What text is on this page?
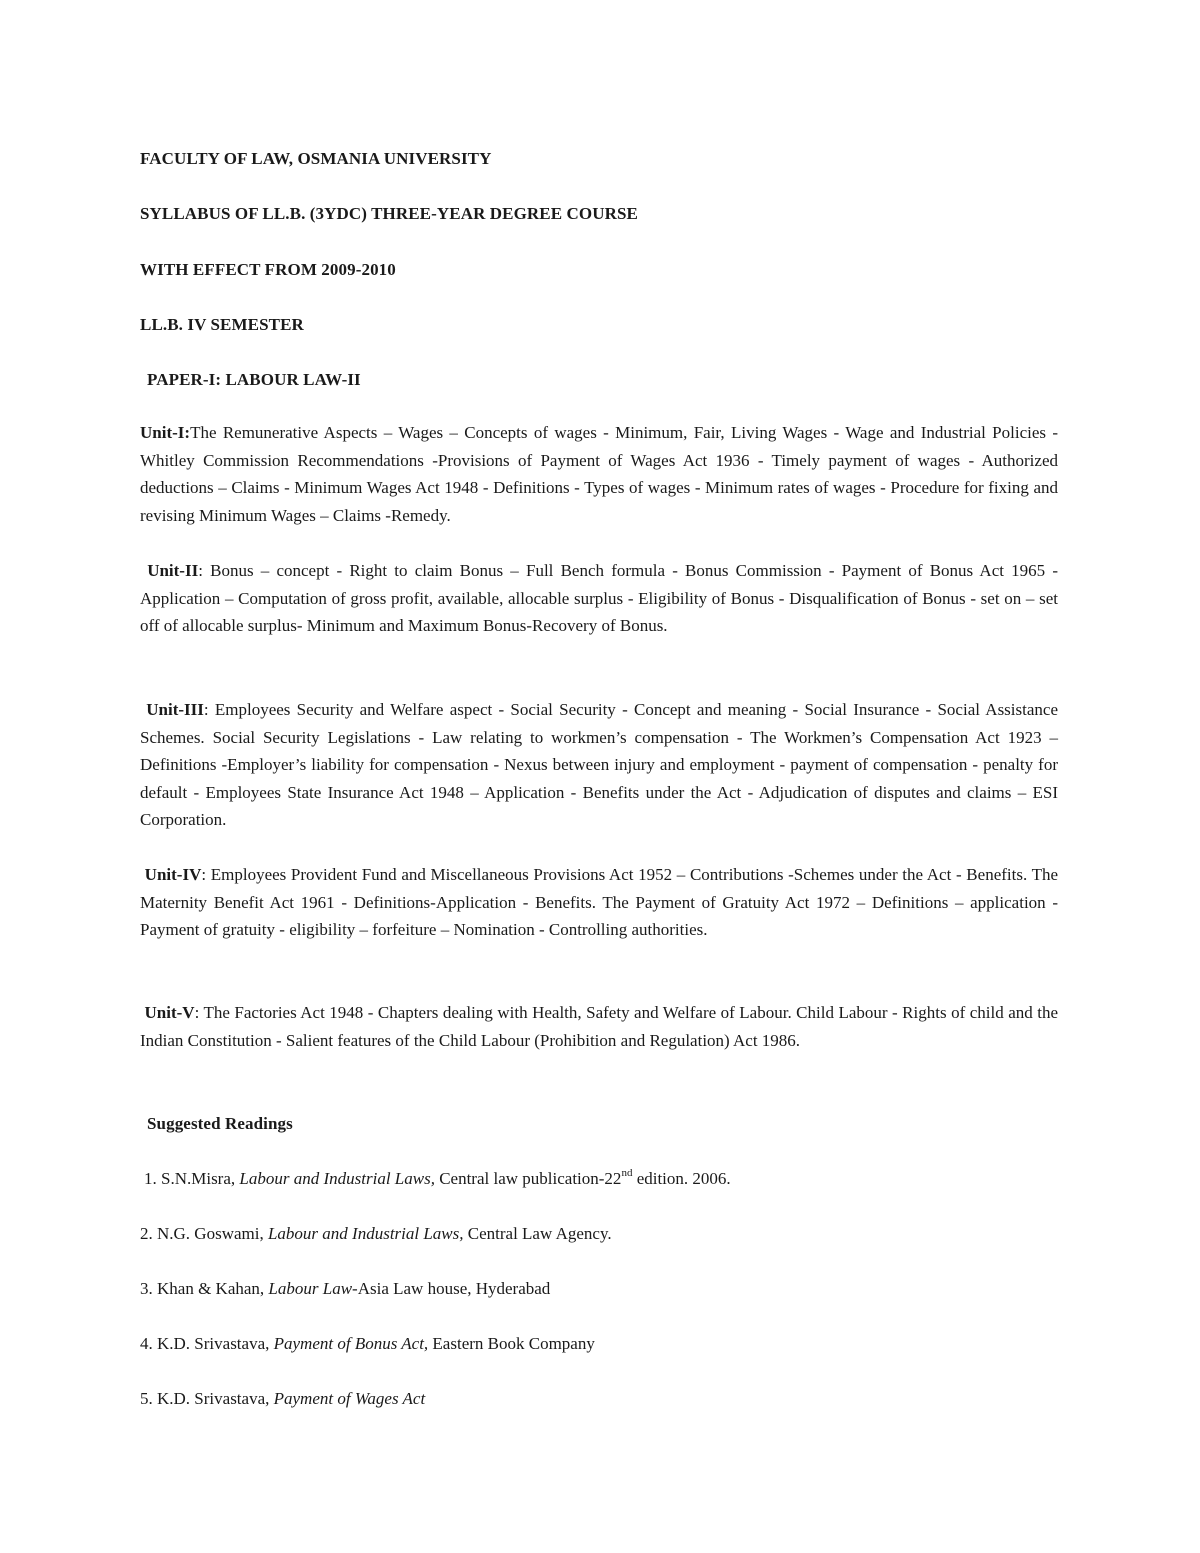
FACULTY OF LAW, OSMANIA UNIVERSITY
SYLLABUS OF LL.B. (3YDC) THREE-YEAR DEGREE COURSE
WITH EFFECT FROM 2009-2010
LL.B. IV SEMESTER
PAPER-I: LABOUR LAW-II

Unit-I:The Remunerative Aspects – Wages – Concepts of wages - Minimum, Fair, Living Wages - Wage and Industrial Policies - Whitley Commission Recommendations -Provisions of Payment of Wages Act 1936 - Timely payment of wages - Authorized deductions – Claims - Minimum Wages Act 1948 - Definitions - Types of wages - Minimum rates of wages - Procedure for fixing and revising Minimum Wages – Claims -Remedy.

Unit-II: Bonus – concept - Right to claim Bonus – Full Bench formula - Bonus Commission - Payment of Bonus Act 1965 - Application – Computation of gross profit, available, allocable surplus - Eligibility of Bonus - Disqualification of Bonus - set on – set off of allocable surplus- Minimum and Maximum Bonus-Recovery of Bonus.

Unit-III: Employees Security and Welfare aspect - Social Security - Concept and meaning - Social Insurance - Social Assistance Schemes. Social Security Legislations - Law relating to workmen’s compensation - The Workmen’s Compensation Act 1923 – Definitions -Employer’s liability for compensation - Nexus between injury and employment - payment of compensation - penalty for default - Employees State Insurance Act 1948 – Application - Benefits under the Act - Adjudication of disputes and claims – ESI Corporation.

Unit-IV: Employees Provident Fund and Miscellaneous Provisions Act 1952 – Contributions -Schemes under the Act - Benefits. The Maternity Benefit Act 1961 - Definitions-Application - Benefits. The Payment of Gratuity Act 1972 – Definitions – application - Payment of gratuity - eligibility – forfeiture – Nomination - Controlling authorities.

Unit-V: The Factories Act 1948 - Chapters dealing with Health, Safety and Welfare of Labour. Child Labour - Rights of child and the Indian Constitution - Salient features of the Child Labour (Prohibition and Regulation) Act 1986.

Suggested Readings
1. S.N.Misra, Labour and Industrial Laws, Central law publication-22nd edition. 2006.
2. N.G. Goswami, Labour and Industrial Laws, Central Law Agency.
3. Khan & Kahan, Labour Law-Asia Law house, Hyderabad
4. K.D. Srivastava, Payment of Bonus Act, Eastern Book Company
5. K.D. Srivastava, Payment of Wages Act
